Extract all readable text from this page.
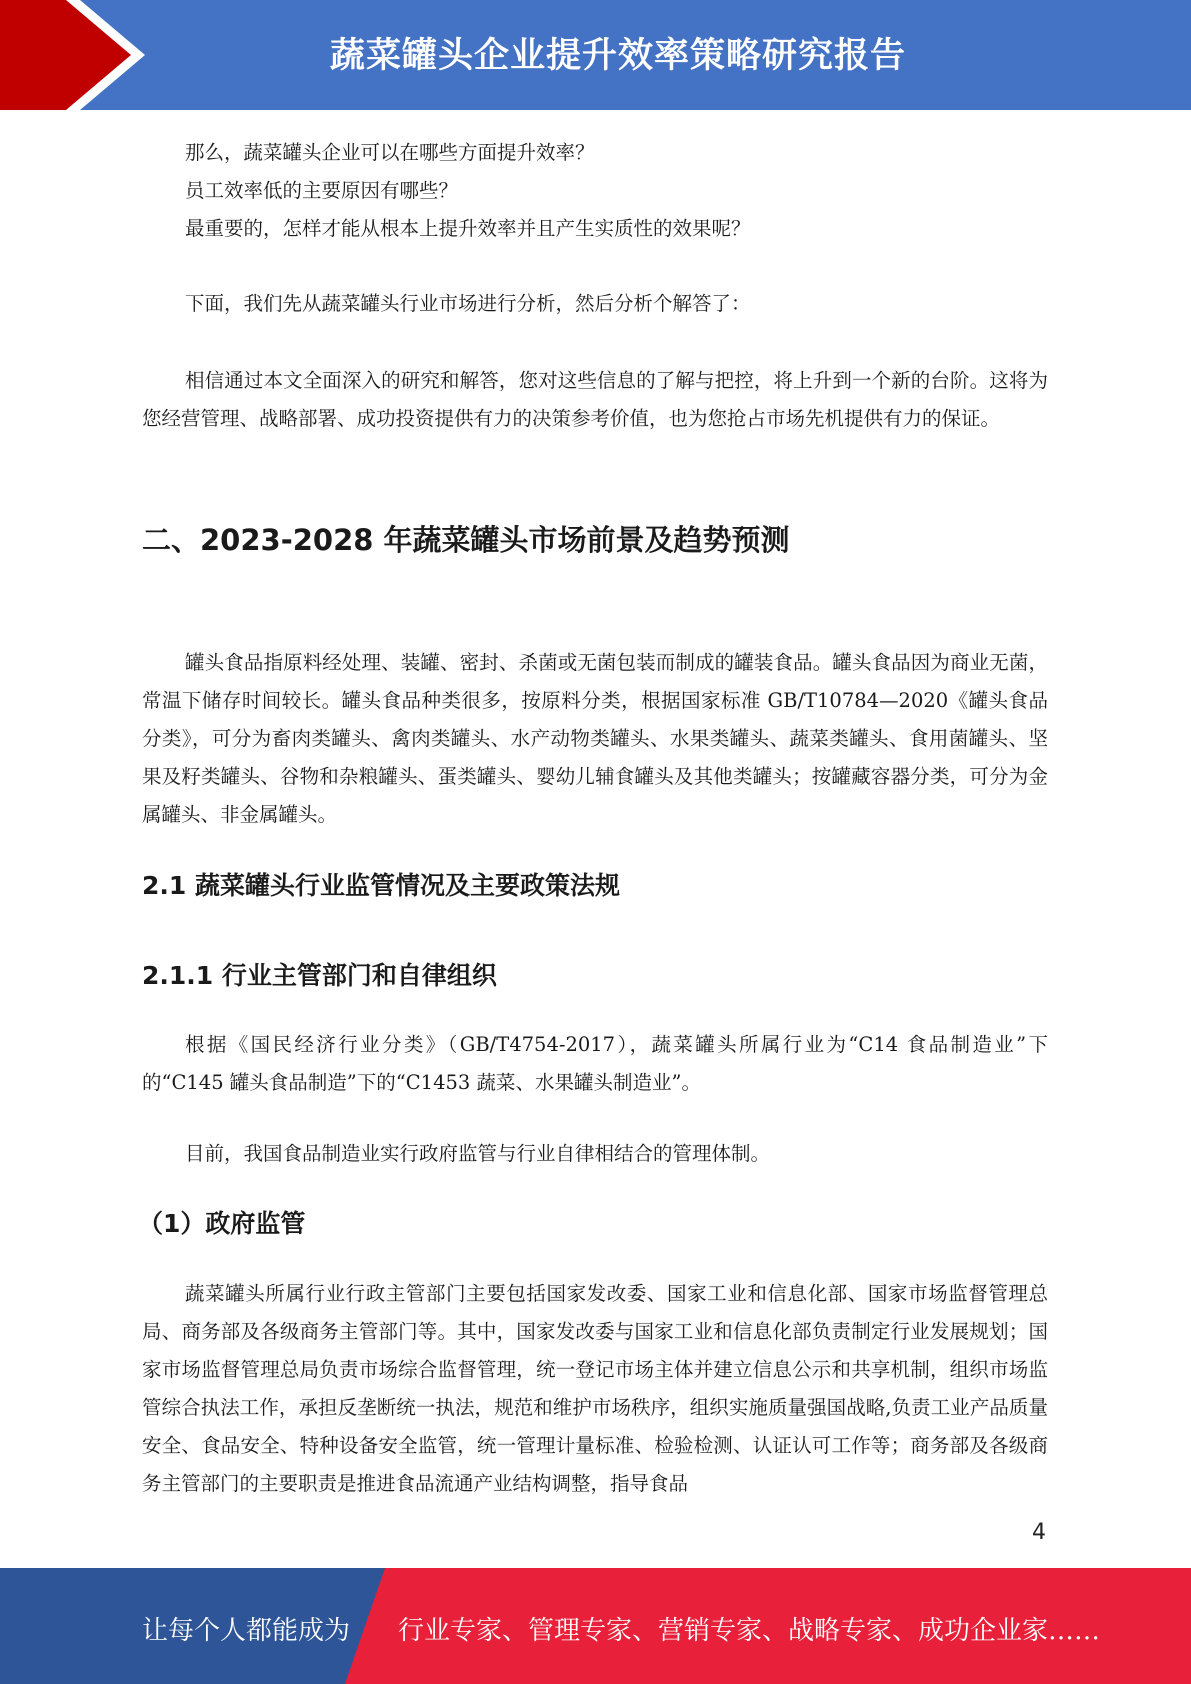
蔬菜罐头企业提升效率策略研究报告

那么，蔬菜罐头企业可以在哪些方面提升效率？

员工效率低的主要原因有哪些？

最重要的，怎样才能从根本上提升效率并且产生实质性的效果呢？

下面，我们先从蔬菜罐头行业市场进行分析，然后分析个解答了：

相信通过本文全面深入的研究和解答，您对这些信息的了解与把控，将上升到一个新的台阶。这将为您经营管理、战略部署、成功投资提供有力的决策参考价值，也为您抢占市场先机提供有力的保证。

二、2023-2028 年蔬菜罐头市场前景及趋势预测

罐头食品指原料经处理、装罐、密封、杀菌或无菌包装而制成的罐装食品。罐头食品因为商业无菌，常温下储存时间较长。罐头食品种类很多，按原料分类，根据国家标准 GB/T10784—2020《罐头食品分类》，可分为畜肉类罐头、禽肉类罐头、水产动物类罐头、水果类罐头、蔬菜类罐头、食用菌罐头、坚果及籽类罐头、谷物和杂粮罐头、蛋类罐头、婴幼儿辅食罐头及其他类罐头；按罐藏容器分类，可分为金属罐头、非金属罐头。

2.1 蔬菜罐头行业监管情况及主要政策法规
2.1.1 行业主管部门和自律组织

根据《国民经济行业分类》（GB/T4754-2017），蔬菜罐头所属行业为“C14 食品制造业”下的“C145 罐头食品制造”下的“C1453 蔬菜、水果罐头制造业”。

目前，我国食品制造业实行政府监管与行业自律相结合的管理体制。

（1）政府监管

蔬菜罐头所属行业行政主管部门主要包括国家发改委、国家工业和信息化部、国家市场监督管理总局、商务部及各级商务主管部门等。其中，国家发改委与国家工业和信息化部负责制定行业发展规划；国家市场监督管理总局负责市场综合监督管理，统一登记市场主体并建立信息公示和共享机制，组织市场监管综合执法工作，承担反垄断统一执法，规范和维护市场秩序，组织实施质量强国战略,负责工业产品质量安全、食品安全、特种设备安全监管，统一管理计量标准、检验检测、认证认可工作等；商务部及各级商务主管部门的主要职责是推进食品流通产业结构调整，指导食品

4
让每个人都能成为 行业专家、管理专家、营销专家、战略专家、成功企业家……
